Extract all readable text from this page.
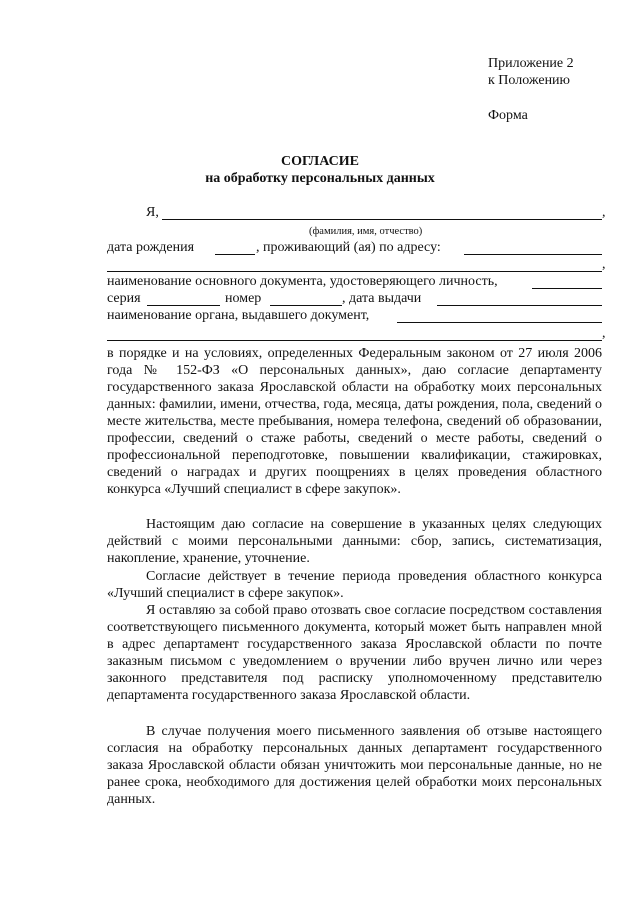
Приложение 2
к Положению
Форма
СОГЛАСИЕ
на обработку персональных данных
Я,	,
(фамилия, имя, отчество)
дата рождения	, проживающий (ая) по адресу:
,
наименование основного документа, удостоверяющего личность,
серия	номер	, дата выдачи
наименование органа, выдавшего документ,
,
в порядке и на условиях, определенных Федеральным законом от 27 июля 2006 года № 152-ФЗ «О персональных данных», даю согласие департаменту государственного заказа Ярославской области на обработку моих персональных данных: фамилии, имени, отчества, года, месяца, даты рождения, пола, сведений о месте жительства, месте пребывания, номера телефона, сведений об образовании, профессии, сведений о стаже работы, сведений о месте работы, сведений о профессиональной переподготовке, повышении квалификации, стажировках, сведений о наградах и других поощрениях в целях проведения областного конкурса «Лучший специалист в сфере закупок».
Настоящим даю согласие на совершение в указанных целях следующих действий с моими персональными данными: сбор, запись, систематизация, накопление, хранение, уточнение.
Согласие действует в течение периода проведения областного конкурса «Лучший специалист в сфере закупок».
Я оставляю за собой право отозвать свое согласие посредством составления соответствующего письменного документа, который может быть направлен мной в адрес департамент государственного заказа Ярославской области по почте заказным письмом с уведомлением о вручении либо вручен лично или через законного представителя под расписку уполномоченному представителю департамента государственного заказа Ярославской области.
В случае получения моего письменного заявления об отзыве настоящего согласия на обработку персональных данных департамент государственного заказа Ярославской области обязан уничтожить мои персональные данные, но не ранее срока, необходимого для достижения целей обработки моих персональных данных.
